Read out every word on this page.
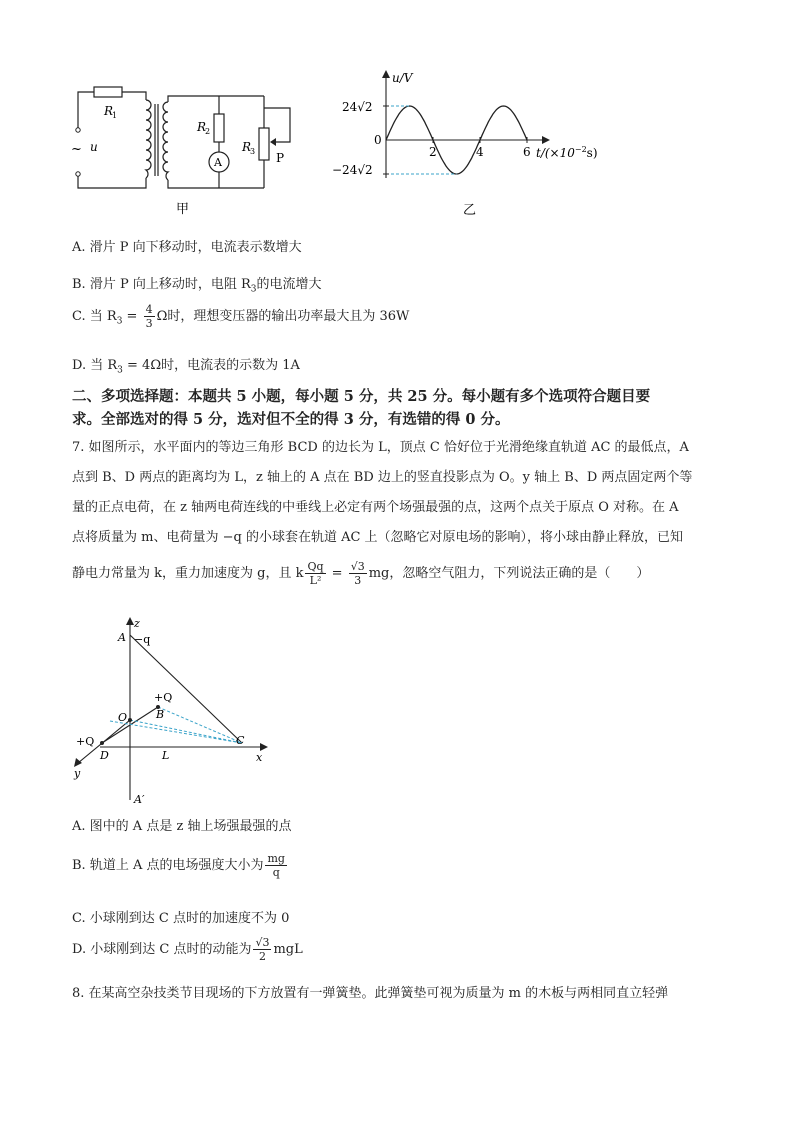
R
1
R
2
R
3
A	P
~ u
甲
2	4	6
u/V
24√2
−24√2
0
$t/(\times 10^{-2}s)$
乙
A. 滑片 P 向下移动时，电流表示数增大
B. 滑片 P 向上移动时，电阻 $R_3$的电流增大
C. 当 $R_3 = \frac{4}{3}$ Ω时，理想变压器的输出功率最大且为 36W
D. 当 $R_3 = 4\Omega$时，电流表的示数为 1A
二、多项选择题：本题共 5 小题，每小题 5 分，共 25 分。每小题有多个选项符合题目要
求。全部选对的得 5 分，选对但不全的得 3 分，有选错的得 0 分。
7. 如图所示，水平面内的等边三角形 BCD 的边长为 L，顶点 C 恰好位于光滑绝缘直轨道 AC 的最低点，A
点到 B、D 两点的距离均为 L，z 轴上的 A 点在 BD 边上的竖直投影点为 O。y 轴上 B、D 两点固定两个等
量的正点电荷，在 z 轴两电荷连线的中垂线上必定有两个场强最强的点，这两个点关于原点 O 对称。在 A
点将质量为 m、电荷量为 −q 的小球套在轨道 AC 上（忽略它对原电场的影响），将小球由静止释放，已知
静电力常量为 k，重力加速度为 g，且 k $\frac{Qq}{\text{L²}} = \frac{√3}{3}$ mg，忽略空气阻力，下列说法正确的是（　　）
z
A −q
+Q
B
O
+Q
D	L
C
x
y
A′
A. 图中的 A 点是 z 轴上场强最强的点
B. 轨道上 A 点的电场强度大小为 $\frac{mg}{q}$
C. 小球刚到达 C 点时的加速度不为 0
D. 小球刚到达 C 点时的动能为 $\frac{√3}{2}$ mgL
8. 在某高空杂技类节目现场的下方放置有一弹簧垫。此弹簧垫可视为质量为 m 的木板与两相同直立轻弹
